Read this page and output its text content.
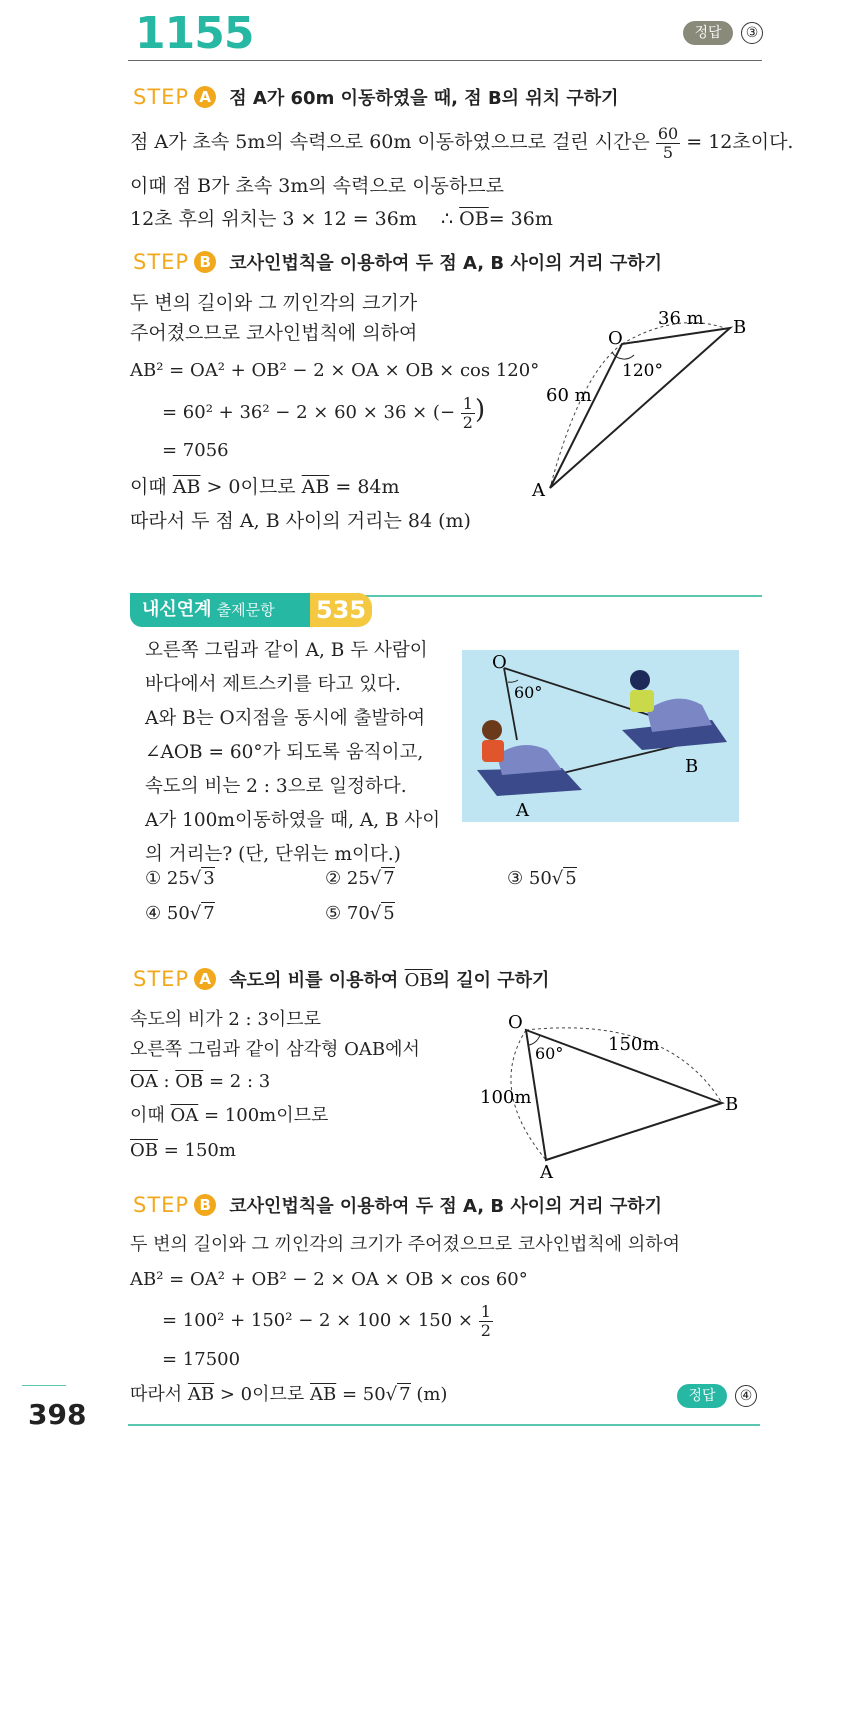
1155	정답	③
STEP A 점 A가 60m 이동하였을 때, 점 B의 위치 구하기
점 A가 초속 5m의 속력으로 60m 이동하였으므로 걸린 시간은 $\frac{60}{5} = 12$초이다.
이때 점 B가 초속 3m의 속력으로 이동하므로
12초 후의 위치는 3 × 12 = 36m    ∴ $\overline{OB}= 36m$
STEP B 코사인법칙을 이용하여 두 점 A, B 사이의 거리 구하기
두 변의 길이와 그 끼인각의 크기가
주어졌으므로 코사인법칙에 의하여
AB² = OA² + OB² − 2 × OA × OB × cos 120°
= 60² + 36² − 2 × 60 × 36 × (− $\frac{1}{2}$ )
= 7056
이때 $\overline{AB} > 0$이므로 $\overline{AB} = 84m$
따라서 두 점 A, B 사이의 거리는 84 (m)
O
B
A
36 m
60 m
120°
내신연계 출제문항	535
오른쪽 그림과 같이 A, B 두 사람이
바다에서 제트스키를 타고 있다.
A와 B는 O지점을 동시에 출발하여
∠AOB = 60°가 되도록 움직이고,
속도의 비는 2 : 3으로 일정하다.
A가 100m이동하였을 때, A, B 사이
의 거리는? (단, 단위는 m이다.)
O
60°
A
B
① 25√ 3	② 25√ 7	③ 50√ 5
④ 50√ 7	⑤ 70√ 5
STEP A 속도의 비를 이용하여 $\overline{OB}$의 길이 구하기
속도의 비가 2 : 3이므로
오른쪽 그림과 같이 삼각형 OAB에서
$\overline{OA}$ : $\overline{OB} = 2$ : 3
이때 $\overline{OA} = 100m$이므로
$\overline{OB} = 150m$
O
B
A
150m
100m
60°
STEP B 코사인법칙을 이용하여 두 점 A, B 사이의 거리 구하기
두 변의 길이와 그 끼인각의 크기가 주어졌으므로 코사인법칙에 의하여
AB² = OA² + OB² − 2 × OA × OB × cos 60°
= $100^2 + 150^2 - 2 \times 100 \times 150 \times \frac{1}{2}$
= 17500
따라서 $\overline{AB} > 0$이므로 $\overline{AB} = 50√$ 7 (m)	정답	④
398
